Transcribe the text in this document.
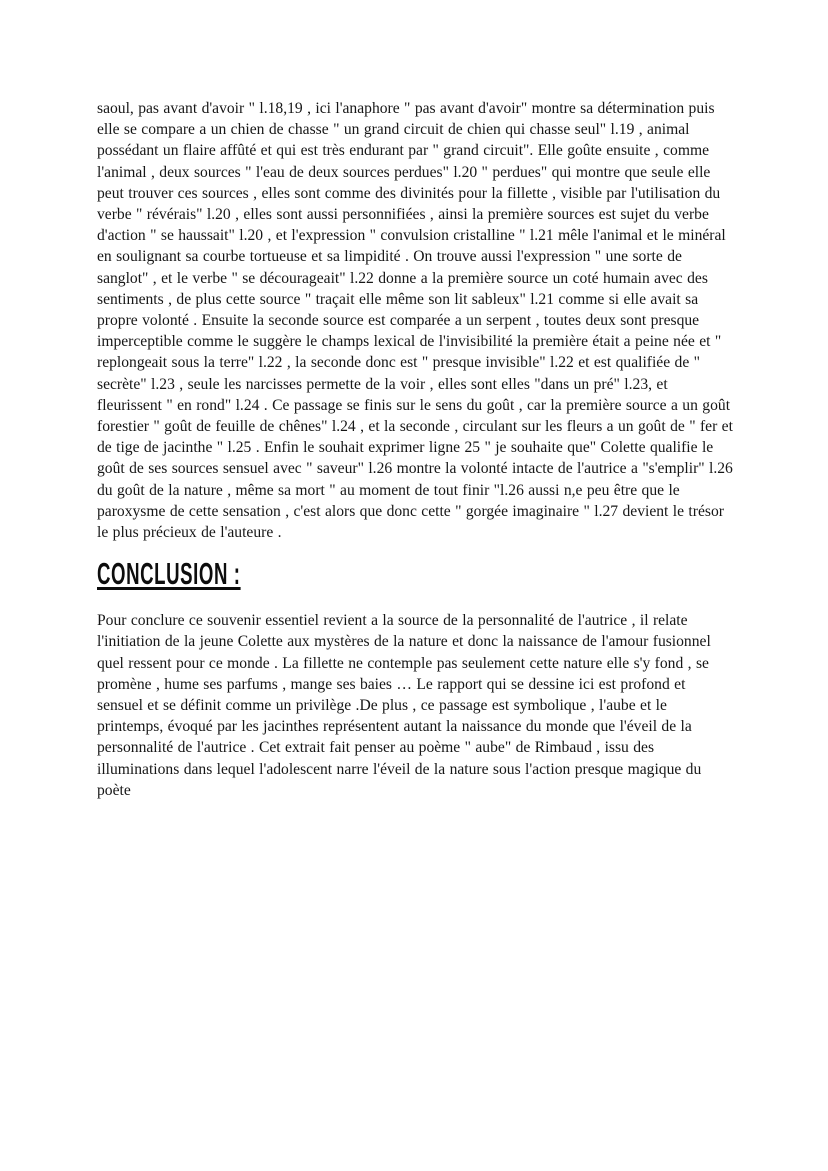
saoul, pas avant d'avoir " l.18,19 , ici l'anaphore " pas avant d'avoir" montre sa détermination puis elle se compare a un chien de chasse " un grand circuit de chien qui chasse seul" l.19 , animal possédant un flaire affûté et qui est très endurant par " grand circuit". Elle goûte ensuite , comme l'animal , deux sources " l'eau de deux sources perdues" l.20 " perdues" qui montre que seule elle peut trouver ces sources , elles sont comme des divinités pour la fillette , visible par l'utilisation du verbe " révérais" l.20 , elles sont aussi personnifiées , ainsi la première sources est sujet du verbe d'action " se haussait" l.20 , et l'expression " convulsion cristalline " l.21 mêle l'animal et le minéral en soulignant sa courbe tortueuse et sa limpidité . On trouve aussi l'expression " une sorte de sanglot" , et le verbe " se décourageait" l.22 donne a la première source un coté humain avec des sentiments , de plus cette source " traçait elle même son lit sableux" l.21 comme si elle avait sa propre volonté . Ensuite la seconde source est comparée a un serpent , toutes deux sont presque imperceptible comme le suggère le champs lexical de l'invisibilité la première était a peine née et " replongeait sous la terre" l.22 , la seconde donc est " presque invisible" l.22 et est qualifiée de " secrète" l.23 , seule les narcisses permette de la voir , elles sont elles "dans un pré" l.23, et fleurissent " en rond" l.24 . Ce passage se finis sur le sens du goût , car la première source a un goût forestier " goût de feuille de chênes" l.24 , et la seconde , circulant sur les fleurs a un goût de " fer et de tige de jacinthe " l.25 . Enfin le souhait exprimer ligne 25 " je souhaite que" Colette qualifie le goût de ses sources sensuel avec " saveur" l.26 montre la volonté intacte de l'autrice a "s'emplir" l.26 du goût de la nature , même sa mort " au moment de tout finir "l.26 aussi n,e peu être que le paroxysme de cette sensation , c'est alors que donc cette " gorgée imaginaire " l.27 devient le trésor le plus précieux de l'auteure .

CONCLUSION :

Pour conclure ce souvenir essentiel revient a la source de la personnalité de l'autrice , il relate l'initiation de la jeune Colette aux mystères de la nature et donc la naissance de l'amour fusionnel quel ressent pour ce monde . La fillette ne contemple pas seulement cette nature elle s'y fond , se promène , hume ses parfums , mange ses baies … Le rapport qui se dessine ici est profond et sensuel et se définit comme un privilège .De plus , ce passage est symbolique , l'aube et le printemps, évoqué par les jacinthes représentent autant la naissance du monde que l'éveil de la personnalité de l'autrice . Cet extrait fait penser au poème " aube" de Rimbaud , issu des illuminations dans lequel l'adolescent narre l'éveil de la nature sous l'action presque magique du poète
